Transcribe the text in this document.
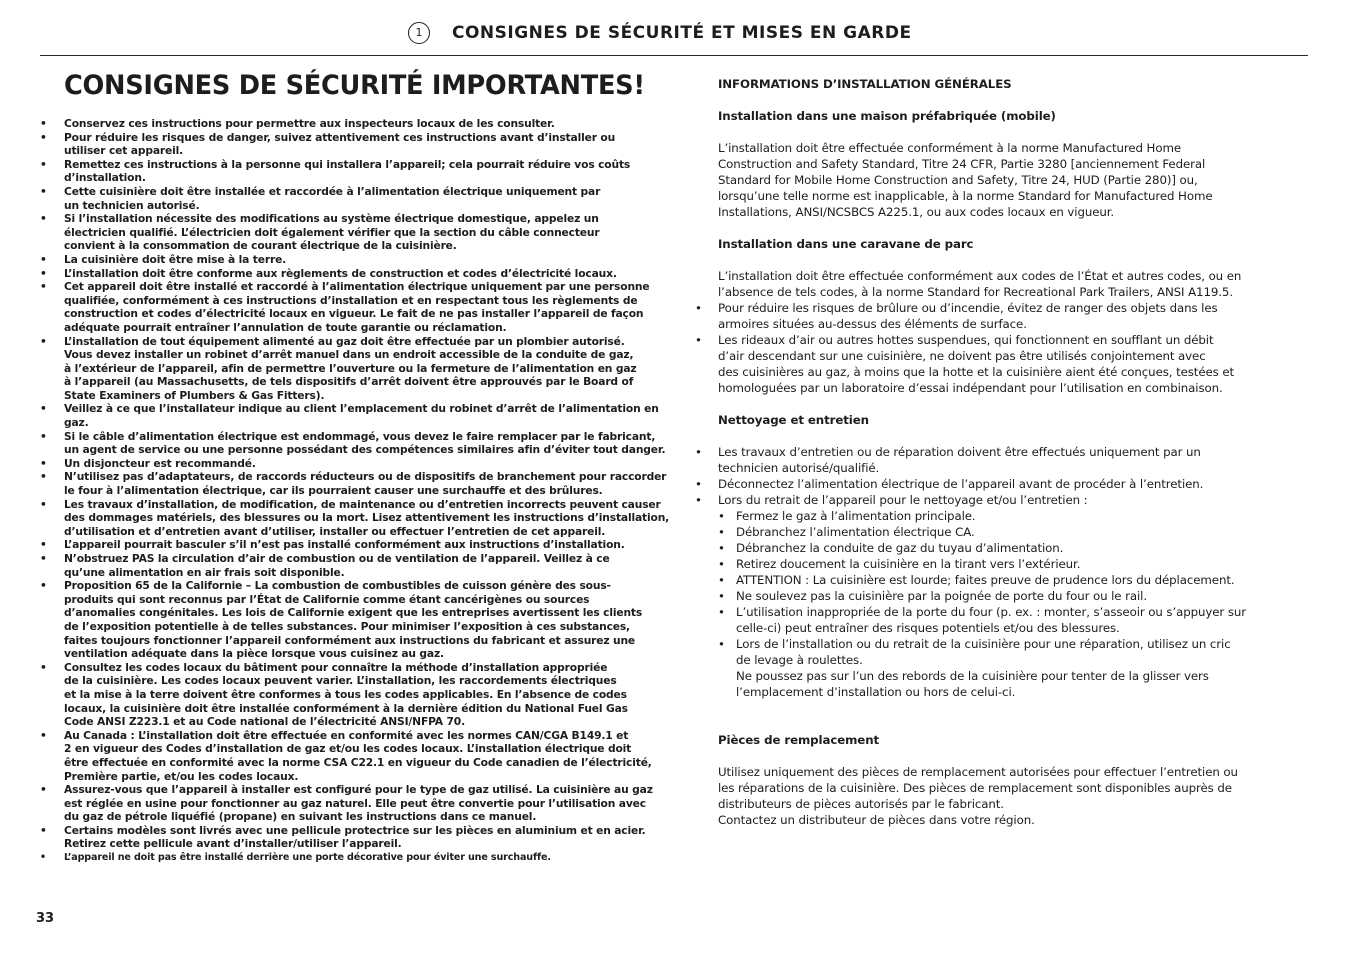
1	CONSIGNES DE SÉCURITÉ ET MISES EN GARDE
CONSIGNES DE SÉCURITÉ IMPORTANTES!
• Conservez ces instructions pour permettre aux inspecteurs locaux de les consulter.
• Pour réduire les risques de danger, suivez attentivement ces instructions avant d’installer ou
utiliser cet appareil.
• Remettez ces instructions à la personne qui installera l’appareil; cela pourrait réduire vos coûts
d’installation.
• Cette cuisinière doit être installée et raccordée à l’alimentation électrique uniquement par
un technicien autorisé.
• Si l’installation nécessite des modifications au système électrique domestique, appelez un
électricien qualifié. L’électricien doit également vérifier que la section du câble connecteur
convient à la consommation de courant électrique de la cuisinière.
• La cuisinière doit être mise à la terre.
• L’installation doit être conforme aux règlements de construction et codes d’électricité locaux.
• Cet appareil doit être installé et raccordé à l’alimentation électrique uniquement par une personne
qualifiée, conformément à ces instructions d’installation et en respectant tous les règlements de
construction et codes d’électricité locaux en vigueur. Le fait de ne pas installer l’appareil de façon
adéquate pourrait entraîner l’annulation de toute garantie ou réclamation.
• L’installation de tout équipement alimenté au gaz doit être effectuée par un plombier autorisé.
Vous devez installer un robinet d’arrêt manuel dans un endroit accessible de la conduite de gaz,
à l’extérieur de l’appareil, afin de permettre l’ouverture ou la fermeture de l’alimentation en gaz
à l’appareil (au Massachusetts, de tels dispositifs d’arrêt doivent être approuvés par le Board of
State Examiners of Plumbers & Gas Fitters).
• Veillez à ce que l’installateur indique au client l’emplacement du robinet d’arrêt de l’alimentation en gaz.
• Si le câble d’alimentation électrique est endommagé, vous devez le faire remplacer par le fabricant,
un agent de service ou une personne possédant des compétences similaires afin d’éviter tout danger.
• Un disjoncteur est recommandé.
• N’utilisez pas d’adaptateurs, de raccords réducteurs ou de dispositifs de branchement pour raccorder
le four à l’alimentation électrique, car ils pourraient causer une surchauffe et des brûlures.
• Les travaux d’installation, de modification, de maintenance ou d’entretien incorrects peuvent causer
des dommages matériels, des blessures ou la mort. Lisez attentivement les instructions d’installation,
d’utilisation et d’entretien avant d’utiliser, installer ou effectuer l’entretien de cet appareil.
• L’appareil pourrait basculer s’il n’est pas installé conformément aux instructions d’installation.
• N’obstruez PAS la circulation d’air de combustion ou de ventilation de l’appareil. Veillez à ce
qu’une alimentation en air frais soit disponible.
• Proposition 65 de la Californie – La combustion de combustibles de cuisson génère des sous-
produits qui sont reconnus par l’État de Californie comme étant cancérigènes ou sources
d’anomalies congénitales. Les lois de Californie exigent que les entreprises avertissent les clients
de l’exposition potentielle à de telles substances. Pour minimiser l’exposition à ces substances,
faites toujours fonctionner l’appareil conformément aux instructions du fabricant et assurez une
ventilation adéquate dans la pièce lorsque vous cuisinez au gaz.
• Consultez les codes locaux du bâtiment pour connaître la méthode d’installation appropriée
de la cuisinière. Les codes locaux peuvent varier. L’installation, les raccordements électriques
et la mise à la terre doivent être conformes à tous les codes applicables. En l’absence de codes
locaux, la cuisinière doit être installée conformément à la dernière édition du National Fuel Gas
Code ANSI Z223.1 et au Code national de l’électricité ANSI/NFPA 70.
• Au Canada : L’installation doit être effectuée en conformité avec les normes CAN/CGA B149.1 et
2 en vigueur des Codes d’installation de gaz et/ou les codes locaux. L’installation électrique doit
être effectuée en conformité avec la norme CSA C22.1 en vigueur du Code canadien de l’électricité,
Première partie, et/ou les codes locaux.
• Assurez-vous que l’appareil à installer est configuré pour le type de gaz utilisé. La cuisinière au gaz
est réglée en usine pour fonctionner au gaz naturel. Elle peut être convertie pour l’utilisation avec
du gaz de pétrole liquéfié (propane) en suivant les instructions dans ce manuel.
• Certains modèles sont livrés avec une pellicule protectrice sur les pièces en aluminium et en acier.
Retirez cette pellicule avant d’installer/utiliser l’appareil.
• L’appareil ne doit pas être installé derrière une porte décorative pour éviter une surchauffe.

INFORMATIONS D’INSTALLATION GÉNÉRALES

Installation dans une maison préfabriquée (mobile)

L’installation doit être effectuée conformément à la norme Manufactured Home
Construction and Safety Standard, Titre 24 CFR, Partie 3280 [anciennement Federal
Standard for Mobile Home Construction and Safety, Titre 24, HUD (Partie 280)] ou,
lorsqu’une telle norme est inapplicable, à la norme Standard for Manufactured Home
Installations, ANSI/NCSBCS A225.1, ou aux codes locaux en vigueur.

Installation dans une caravane de parc

L’installation doit être effectuée conformément aux codes de l’État et autres codes, ou en
l’absence de tels codes, à la norme Standard for Recreational Park Trailers, ANSI A119.5.

• Pour réduire les risques de brûlure ou d’incendie, évitez de ranger des objets dans les
armoires situées au-dessus des éléments de surface.
• Les rideaux d’air ou autres hottes suspendues, qui fonctionnent en soufflant un débit
d’air descendant sur une cuisinière, ne doivent pas être utilisés conjointement avec
des cuisinières au gaz, à moins que la hotte et la cuisinière aient été conçues, testées et
homologuées par un laboratoire d’essai indépendant pour l’utilisation en combinaison.

Nettoyage et entretien

• Les travaux d’entretien ou de réparation doivent être effectués uniquement par un
technicien autorisé/qualifié.
• Déconnectez l’alimentation électrique de l’appareil avant de procéder à l’entretien.
• Lors du retrait de l’appareil pour le nettoyage et/ou l’entretien :
• Fermez le gaz à l’alimentation principale.
• Débranchez l’alimentation électrique CA.
• Débranchez la conduite de gaz du tuyau d’alimentation.
• Retirez doucement la cuisinière en la tirant vers l’extérieur.
• ATTENTION : La cuisinière est lourde; faites preuve de prudence lors du déplacement.
• Ne soulevez pas la cuisinière par la poignée de porte du four ou le rail.
• L’utilisation inappropriée de la porte du four (p. ex. : monter, s’asseoir ou s’appuyer sur
celle-ci) peut entraîner des risques potentiels et/ou des blessures.
• Lors de l’installation ou du retrait de la cuisinière pour une réparation, utilisez un cric
de levage à roulettes.

Ne poussez pas sur l’un des rebords de la cuisinière pour tenter de la glisser vers
l’emplacement d’installation ou hors de celui-ci.

Pièces de remplacement

Utilisez uniquement des pièces de remplacement autorisées pour effectuer l’entretien ou
les réparations de la cuisinière. Des pièces de remplacement sont disponibles auprès de
distributeurs de pièces autorisés par le fabricant.
Contactez un distributeur de pièces dans votre région.

33
